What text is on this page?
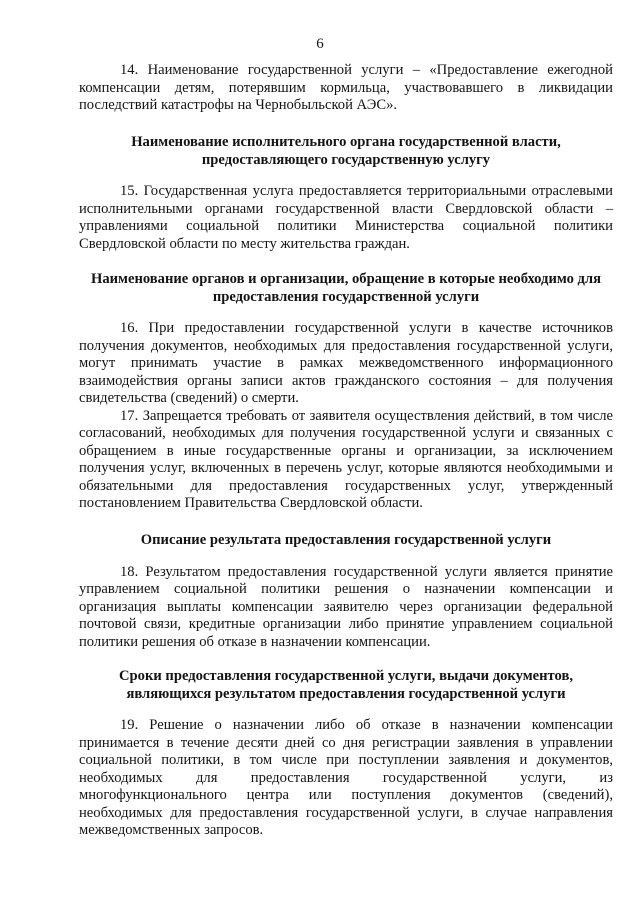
6

14. Наименование государственной услуги – «Предоставление ежегодной компенсации детям, потерявшим кормильца, участвовавшего в ликвидации последствий катастрофы на Чернобыльской АЭС».

Наименование исполнительного органа государственной власти, предоставляющего государственную услугу

15. Государственная услуга предоставляется территориальными отраслевыми исполнительными органами государственной власти Свердловской области – управлениями социальной политики Министерства социальной политики Свердловской области по месту жительства граждан.

Наименование органов и организации, обращение в которые необходимо для предоставления государственной услуги

16. При предоставлении государственной услуги в качестве источников получения документов, необходимых для предоставления государственной услуги, могут принимать участие в рамках межведомственного информационного взаимодействия органы записи актов гражданского состояния – для получения свидетельства (сведений) о смерти.

17. Запрещается требовать от заявителя осуществления действий, в том числе согласований, необходимых для получения государственной услуги и связанных с обращением в иные государственные органы и организации, за исключением получения услуг, включенных в перечень услуг, которые являются необходимыми и обязательными для предоставления государственных услуг, утвержденный постановлением Правительства Свердловской области.

Описание результата предоставления государственной услуги

18. Результатом предоставления государственной услуги является принятие управлением социальной политики решения о назначении компенсации и организация выплаты компенсации заявителю через организации федеральной почтовой связи, кредитные организации либо принятие управлением социальной политики решения об отказе в назначении компенсации.

Сроки предоставления государственной услуги, выдачи документов, являющихся результатом предоставления государственной услуги

19. Решение о назначении либо об отказе в назначении компенсации принимается в течение десяти дней со дня регистрации заявления в управлении социальной политики, в том числе при поступлении заявления и документов, необходимых для предоставления государственной услуги, из многофункционального центра или поступления документов (сведений), необходимых для предоставления государственной услуги, в случае направления межведомственных запросов.
